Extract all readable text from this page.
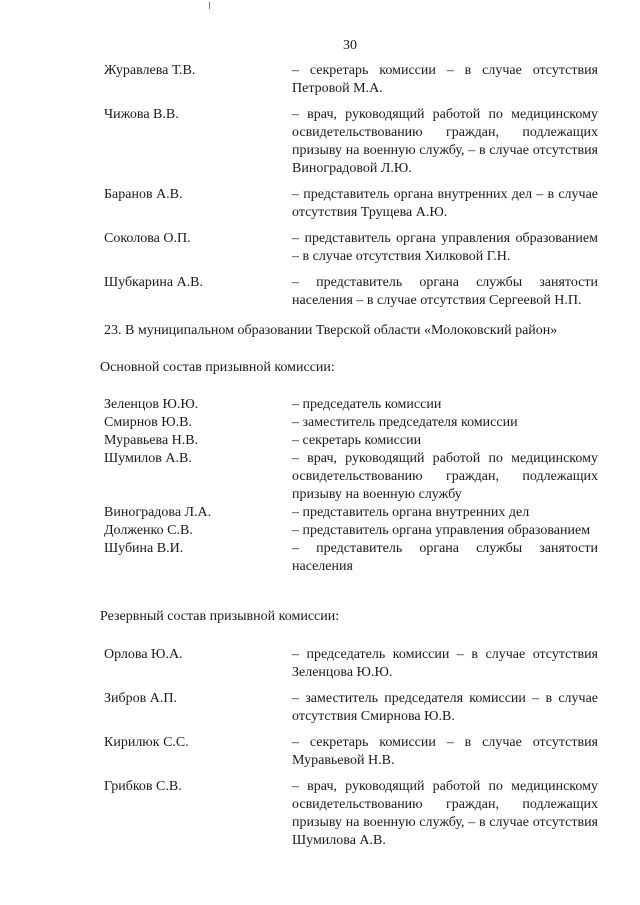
30
Журавлева Т.В.	– секретарь комиссии – в случае отсутствия Петровой М.А.
Чижова В.В.	– врач, руководящий работой по медицинскому освидетельствованию граждан, подлежащих призыву на военную службу, – в случае отсутствия Виноградовой Л.Ю.
Баранов А.В.	– представитель органа внутренних дел – в случае отсутствия Трущева А.Ю.
Соколова О.П.	– представитель органа управления образованием – в случае отсутствия Хилковой Г.Н.
Шубкарина А.В.	– представитель органа службы занятости населения – в случае отсутствия Сергеевой Н.П.
23. В муниципальном образовании Тверской области «Молоковский район»
Основной состав призывной комиссии:
Зеленцов Ю.Ю.	– председатель комиссии
Смирнов Ю.В.	– заместитель председателя комиссии
Муравьева Н.В.	– секретарь комиссии
Шумилов А.В.	– врач, руководящий работой по медицинскому освидетельствованию граждан, подлежащих призыву на военную службу
Виноградова Л.А.	– представитель органа внутренних дел
Долженко С.В.	– представитель органа управления образованием
Шубина В.И.	– представитель органа службы занятости населения
Резервный состав призывной комиссии:
Орлова Ю.А.	– председатель комиссии – в случае отсутствия Зеленцова Ю.Ю.
Зибров А.П.	– заместитель председателя комиссии – в случае отсутствия Смирнова Ю.В.
Кирилюк С.С.	– секретарь комиссии – в случае отсутствия Муравьевой Н.В.
Грибков С.В.	– врач, руководящий работой по медицинскому освидетельствованию граждан, подлежащих призыву на военную службу, – в случае отсутствия Шумилова А.В.
